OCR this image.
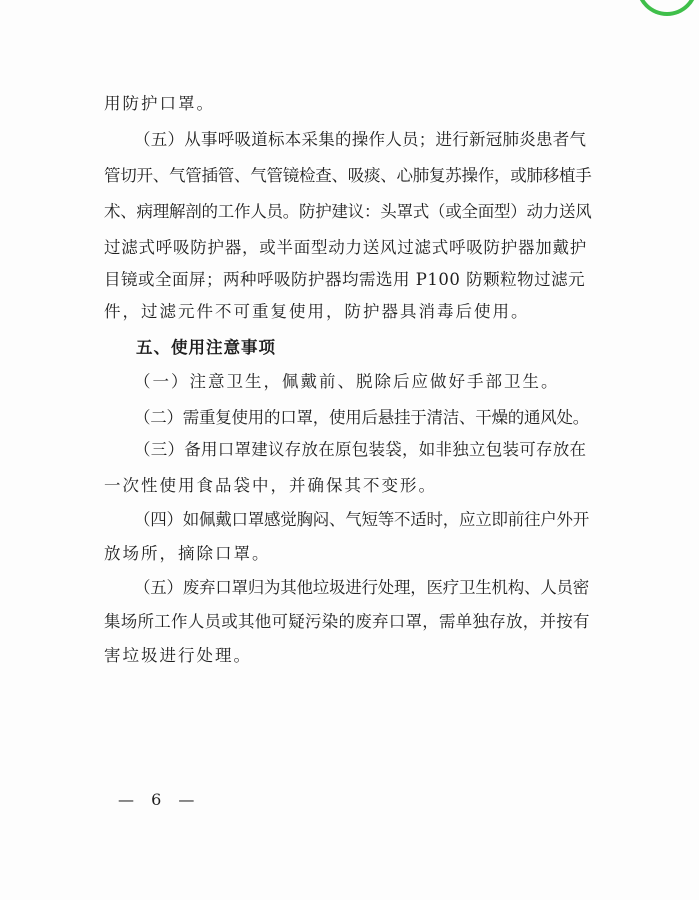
用防护口罩。
（五）从事呼吸道标本采集的操作人员；进行新冠肺炎患者气
管切开、气管插管、气管镜检查、吸痰、心肺复苏操作，或肺移植手
术、病理解剖的工作人员。防护建议：头罩式（或全面型）动力送风
过滤式呼吸防护器，或半面型动力送风过滤式呼吸防护器加戴护
目镜或全面屏；两种呼吸防护器均需选用 P100 防颗粒物过滤元
件，过滤元件不可重复使用，防护器具消毒后使用。
五、使用注意事项
（一）注意卫生，佩戴前、脱除后应做好手部卫生。
（二）需重复使用的口罩，使用后悬挂于清洁、干燥的通风处。
（三）备用口罩建议存放在原包装袋，如非独立包装可存放在
一次性使用食品袋中，并确保其不变形。
（四）如佩戴口罩感觉胸闷、气短等不适时，应立即前往户外开
放场所，摘除口罩。
（五）废弃口罩归为其他垃圾进行处理，医疗卫生机构、人员密
集场所工作人员或其他可疑污染的废弃口罩，需单独存放，并按有
害垃圾进行处理。
— 6 —
